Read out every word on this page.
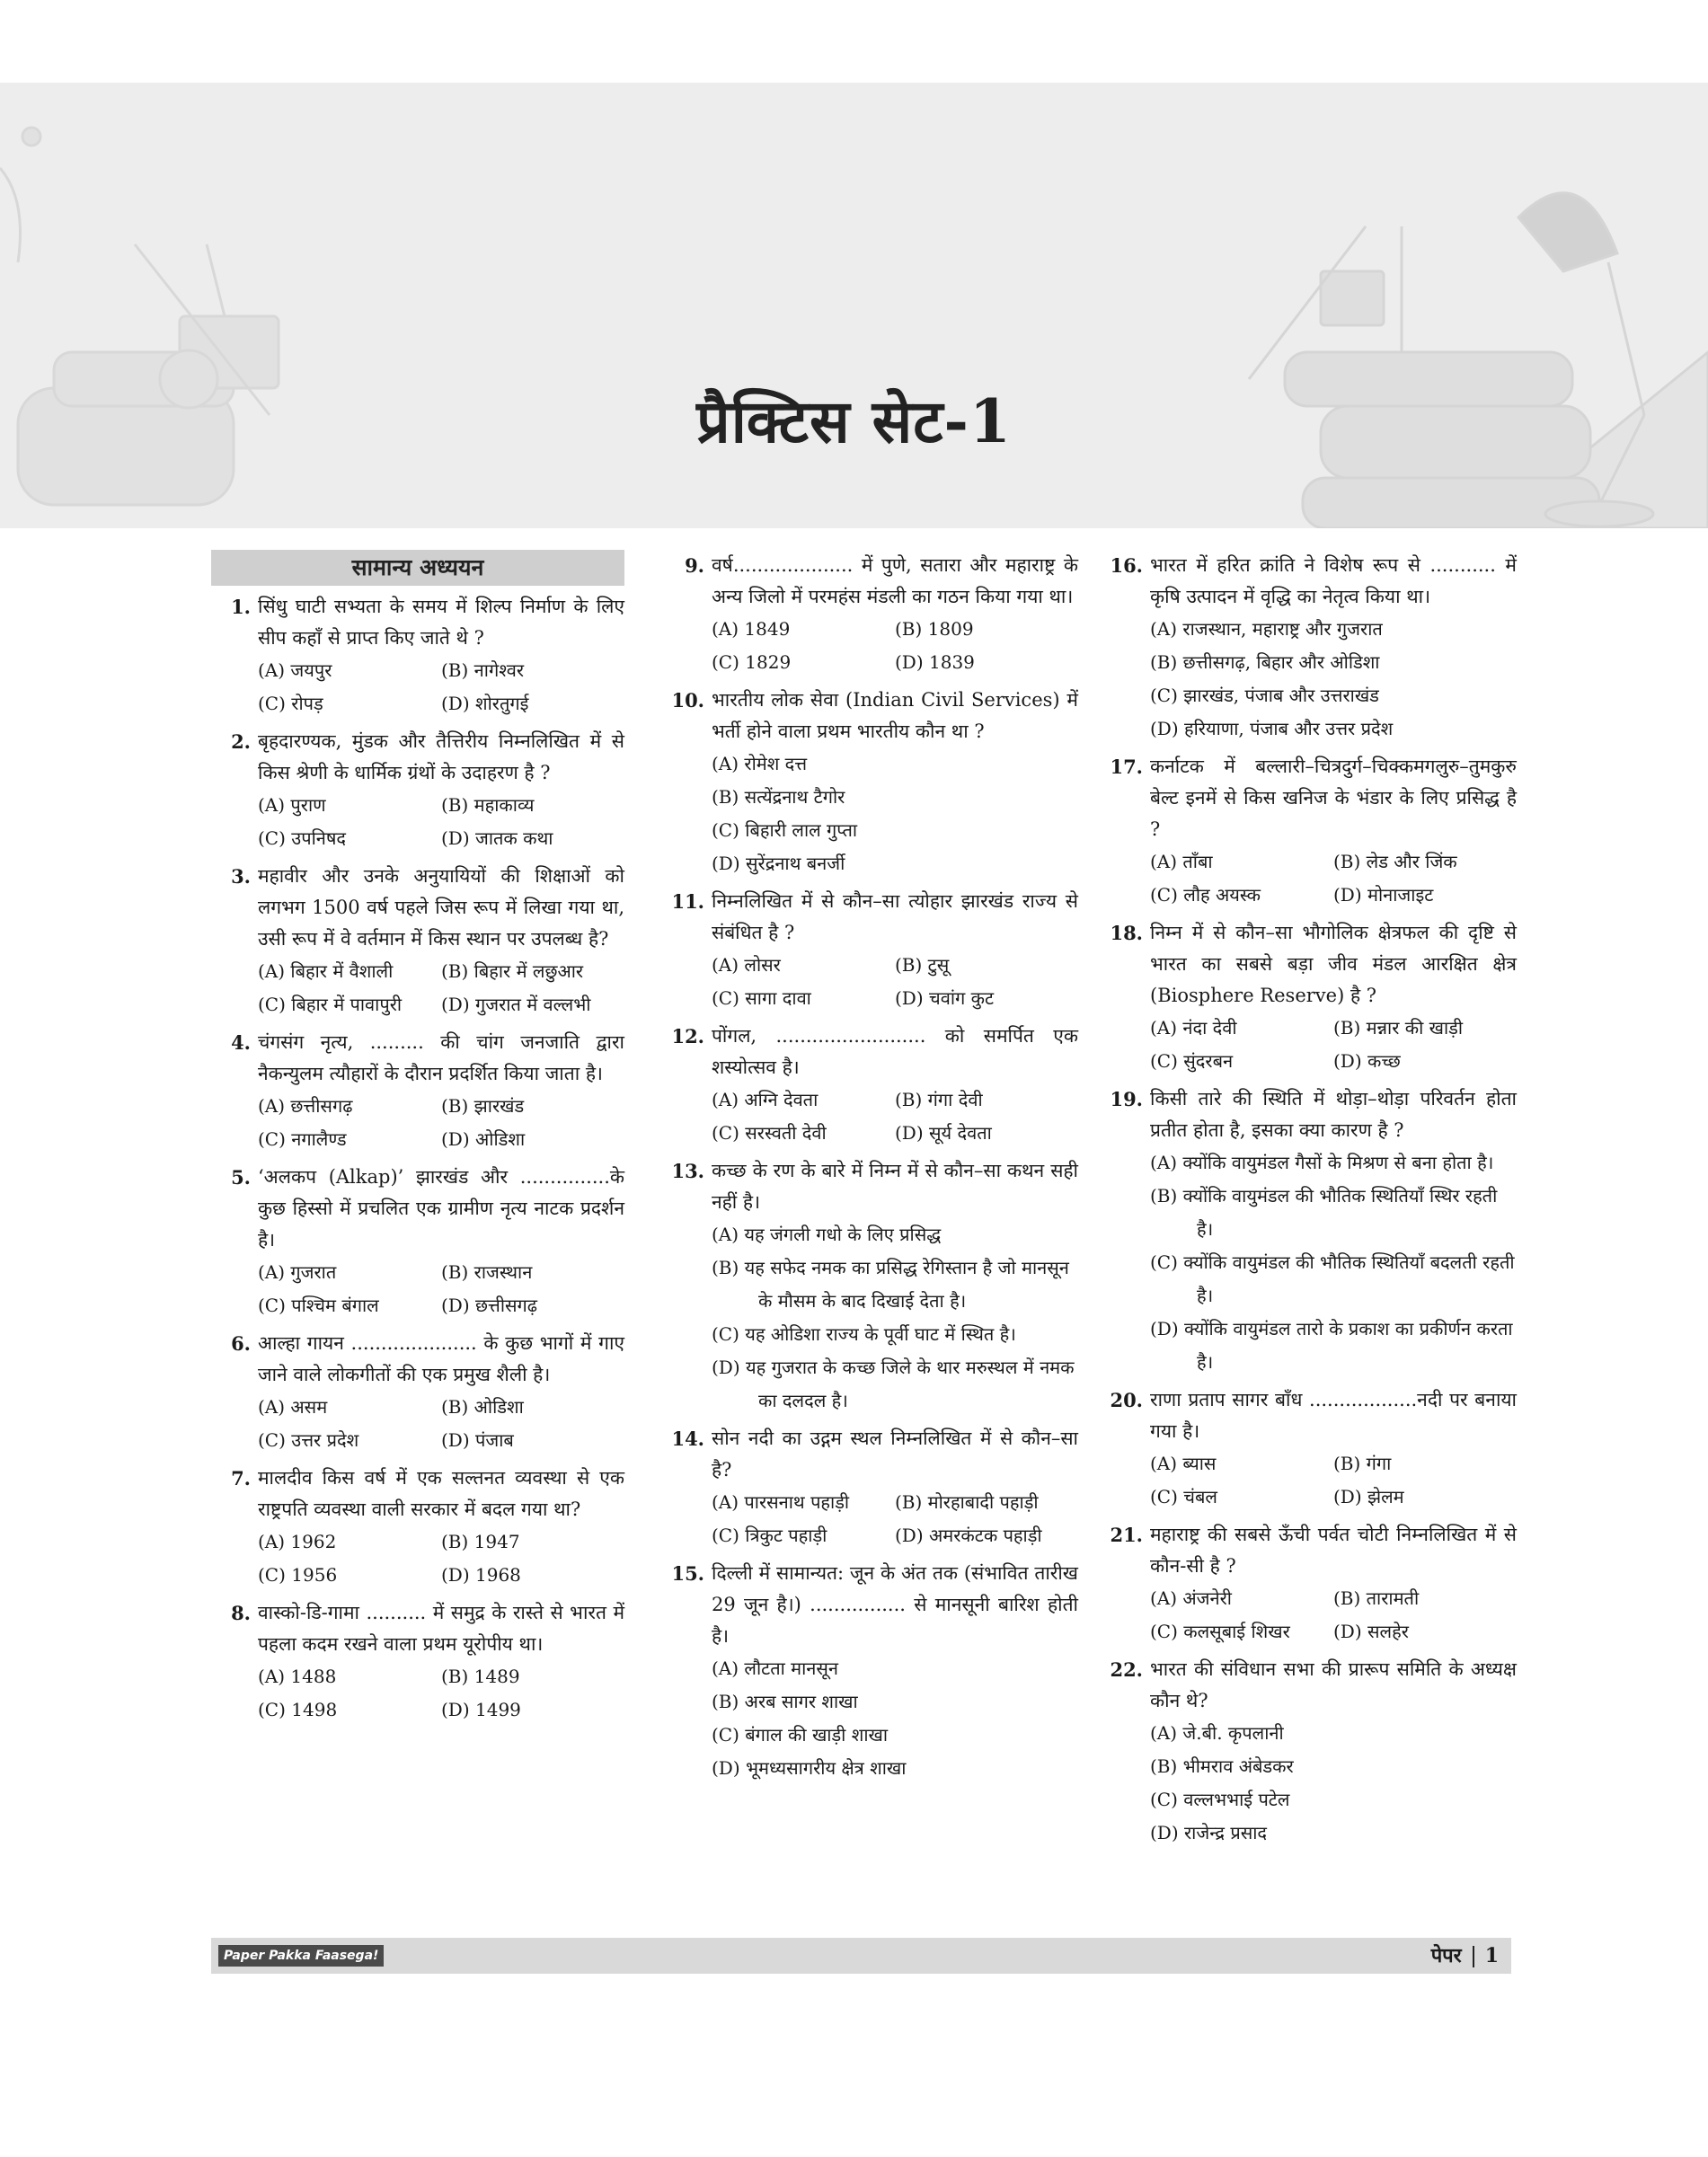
प्रैक्टिस सेट-1
सामान्य अध्ययन
1. सिंधु घाटी सभ्यता के समय में शिल्प निर्माण के लिए सीप कहाँ से प्राप्त किए जाते थे ?

(A) जयपुर	(B) नागेश्वर
(C) रोपड़	(D) शोरतुगई
2. बृहदारण्यक, मुंडक और तैत्तिरीय निम्नलिखित में से किस श्रेणी के धार्मिक ग्रंथों के उदाहरण है ?

(A) पुराण	(B) महाकाव्य
(C) उपनिषद	(D) जातक कथा
3. महावीर और उनके अनुयायियों की शिक्षाओं को लगभग 1500 वर्ष पहले जिस रूप में लिखा गया था, उसी रूप में वे वर्तमान में किस स्थान पर उपलब्ध है?

(A) बिहार में वैशाली	(B) बिहार में लछुआर
(C) बिहार में पावापुरी	(D) गुजरात में वल्लभी
4. चंगसंग नृत्य, ......... की चांग जनजाति द्वारा नैकन्युलम त्यौहारों के दौरान प्रदर्शित किया जाता है।

(A) छत्तीसगढ़	(B) झारखंड
(C) नगालैण्ड	(D) ओडिशा
5. ‘अलकप (Alkap)’ झारखंड और ...............के कुछ हिस्सो में प्रचलित एक ग्रामीण नृत्य नाटक प्रदर्शन है।

(A) गुजरात	(B) राजस्थान
(C) पश्चिम बंगाल	(D) छत्तीसगढ़
6. आल्हा गायन ..................... के कुछ भागों में गाए जाने वाले लोकगीतों की एक प्रमुख शैली है।

(A) असम	(B) ओडिशा
(C) उत्तर प्रदेश	(D) पंजाब
7. मालदीव किस वर्ष में एक सल्तनत व्यवस्था से एक राष्ट्रपति व्यवस्था वाली सरकार में बदल गया था?

(A) 1962	(B) 1947
(C) 1956	(D) 1968
8. वास्को-डि-गामा .......... में समुद्र के रास्ते से भारत में पहला कदम रखने वाला प्रथम यूरोपीय था।

(A) 1488	(B) 1489
(C) 1498	(D) 1499
9. वर्ष.................... में पुणे, सतारा और महाराष्ट्र के अन्य जिलो में परमहंस मंडली का गठन किया गया था।

(A) 1849	(B) 1809
(C) 1829	(D) 1839
10. भारतीय लोक सेवा (Indian Civil Services) में भर्ती होने वाला प्रथम भारतीय कौन था ?

(A) रोमेश दत्त
(B) सत्येंद्रनाथ टैगोर
(C) बिहारी लाल गुप्ता
(D) सुरेंद्रनाथ बनर्जी
11. निम्नलिखित में से कौन–सा त्योहार झारखंड राज्य से संबंधित है ?

(A) लोसर	(B) टुसू
(C) सागा दावा	(D) चवांग कुट
12. पोंगल, ......................... को समर्पित एक शस्योत्सव है।

(A) अग्नि देवता	(B) गंगा देवी
(C) सरस्वती देवी	(D) सूर्य देवता
13. कच्छ के रण के बारे में निम्न में से कौन–सा कथन सही नहीं है।

(A) यह जंगली गधो के लिए प्रसिद्ध
(B) यह सफेद नमक का प्रसिद्ध रेगिस्तान है जो मानसून के मौसम के बाद दिखाई देता है।
(C) यह ओडिशा राज्य के पूर्वी घाट में स्थित है।
(D) यह गुजरात के कच्छ जिले के थार मरुस्थल में नमक का दलदल है।
14. सोन नदी का उद्गम स्थल निम्नलिखित में से कौन–सा है?

(A) पारसनाथ पहाड़ी	(B) मोरहाबादी पहाड़ी
(C) त्रिकुट पहाड़ी	(D) अमरकंटक पहाड़ी
15. दिल्ली में सामान्यत: जून के अंत तक (संभावित तारीख 29 जून है।) ................ से मानसूनी बारिश होती है।

(A) लौटता मानसून
(B) अरब सागर शाखा
(C) बंगाल की खाड़ी शाखा
(D) भूमध्यसागरीय क्षेत्र शाखा
16. भारत में हरित क्रांति ने विशेष रूप से ........... में कृषि उत्पादन में वृद्धि का नेतृत्व किया था।

(A) राजस्थान, महाराष्ट्र और गुजरात
(B) छत्तीसगढ़, बिहार और ओडिशा
(C) झारखंड, पंजाब और उत्तराखंड
(D) हरियाणा, पंजाब और उत्तर प्रदेश
17. कर्नाटक में बल्लारी–चित्रदुर्ग–चिक्कमगलुरु–तुमकुरु बेल्ट इनमें से किस खनिज के भंडार के लिए प्रसिद्ध है ?

(A) ताँबा	(B) लेड और जिंक
(C) लौह अयस्क	(D) मोनाजाइट
18. निम्न में से कौन–सा भौगोलिक क्षेत्रफल की दृष्टि से भारत का सबसे बड़ा जीव मंडल आरक्षित क्षेत्र (Biosphere Reserve) है ?

(A) नंदा देवी	(B) मन्नार की खाड़ी
(C) सुंदरबन	(D) कच्छ
19. किसी तारे की स्थिति में थोड़ा–थोड़ा परिवर्तन होता प्रतीत होता है, इसका क्या कारण है ?

(A) क्योंकि वायुमंडल गैसों के मिश्रण से बना होता है।
(B) क्योंकि वायुमंडल की भौतिक स्थितियाँ स्थिर रहती है।
(C) क्योंकि वायुमंडल की भौतिक स्थितियाँ बदलती रहती है।
(D) क्योंकि वायुमंडल तारो के प्रकाश का प्रकीर्णन करता है।
20. राणा प्रताप सागर बाँध ..................नदी पर बनाया गया है।

(A) ब्यास	(B) गंगा
(C) चंबल	(D) झेलम
21. महाराष्ट्र की सबसे ऊँची पर्वत चोटी निम्नलिखित में से कौन-सी है ?

(A) अंजनेरी	(B) तारामती
(C) कलसूबाई शिखर	(D) सलहेर
22. भारत की संविधान सभा की प्रारूप समिति के अध्यक्ष कौन थे?

(A) जे.बी. कृपलानी
(B) भीमराव अंबेडकर
(C) वल्लभभाई पटेल
(D) राजेन्द्र प्रसाद
Paper Pakka Faasega!	पेपर 1
